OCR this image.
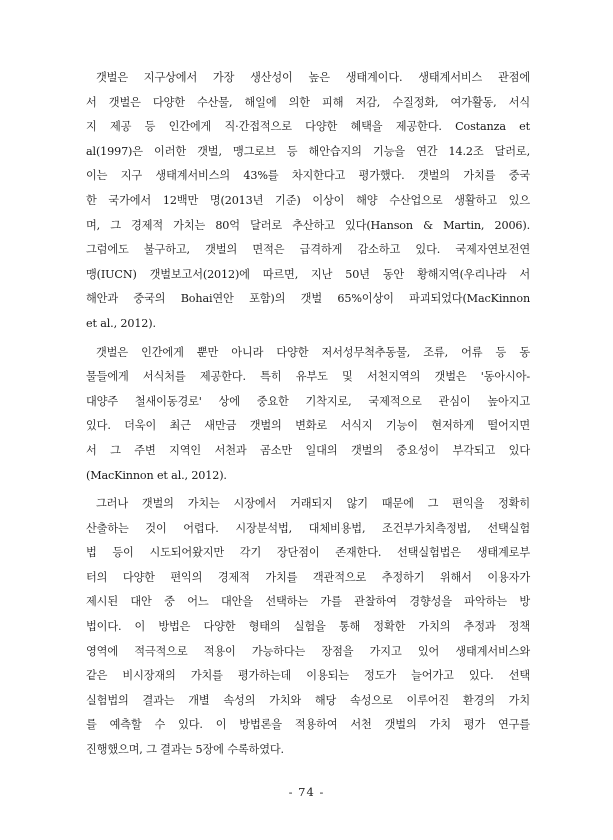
갯벌은 지구상에서 가장 생산성이 높은 생태계이다. 생태계서비스 관점에
서 갯벌은 다양한 수산물, 해일에 의한 피해 저감, 수질정화, 여가활동, 서식
지 제공 등 인간에게 직·간접적으로 다양한 혜택을 제공한다. Costanza et
al(1997)은 이러한 갯벌, 맹그로브 등 해안습지의 기능을 연간 14.2조 달러로,
이는 지구 생태계서비스의 43%를 차지한다고 평가했다. 갯벌의 가치를 중국
한 국가에서 12백만 명(2013년 기준) 이상이 해양 수산업으로 생활하고 있으
며, 그 경제적 가치는 80억 달러로 추산하고 있다(Hanson & Martin, 2006).
그럼에도 불구하고, 갯벌의 면적은 급격하게 감소하고 있다. 국제자연보전연
맹(IUCN) 갯벌보고서(2012)에 따르면, 지난 50년 동안 황해지역(우리나라 서
해안과 중국의 Bohai연안 포함)의 갯벌 65%이상이 파괴되었다(MacKinnon
et al., 2012).
갯벌은 인간에게 뿐만 아니라 다양한 저서성무척추동물, 조류, 어류 등 동
물들에게 서식처를 제공한다. 특히 유부도 및 서천지역의 갯벌은 '동아시아-
대양주 철새이동경로' 상에 중요한 기착지로, 국제적으로 관심이 높아지고
있다. 더욱이 최근 새만금 갯벌의 변화로 서식지 기능이 현저하게 떨어지면
서 그 주변 지역인 서천과 곰소만 일대의 갯벌의 중요성이 부각되고 있다
(MacKinnon et al., 2012).
그러나 갯벌의 가치는 시장에서 거래되지 않기 때문에 그 편익을 정확히
산출하는 것이 어렵다. 시장분석법, 대체비용법, 조건부가치측정법, 선택실험
법 등이 시도되어왔지만 각기 장단점이 존재한다. 선택실험법은 생태계로부
터의 다양한 편익의 경제적 가치를 객관적으로 추정하기 위해서 이용자가
제시된 대안 중 어느 대안을 선택하는 가를 관찰하여 경향성을 파악하는 방
법이다. 이 방법은 다양한 형태의 실험을 통해 정확한 가치의 추정과 정책
영역에 적극적으로 적용이 가능하다는 장점을 가지고 있어 생태계서비스와
같은 비시장재의 가치를 평가하는데 이용되는 정도가 늘어가고 있다. 선택
실험법의 결과는 개별 속성의 가치와 해당 속성으로 이루어진 환경의 가치
를 예측할 수 있다. 이 방법론을 적용하여 서천 갯벌의 가치 평가 연구를
진행했으며, 그 결과는 5장에 수록하였다.
- 74 -
